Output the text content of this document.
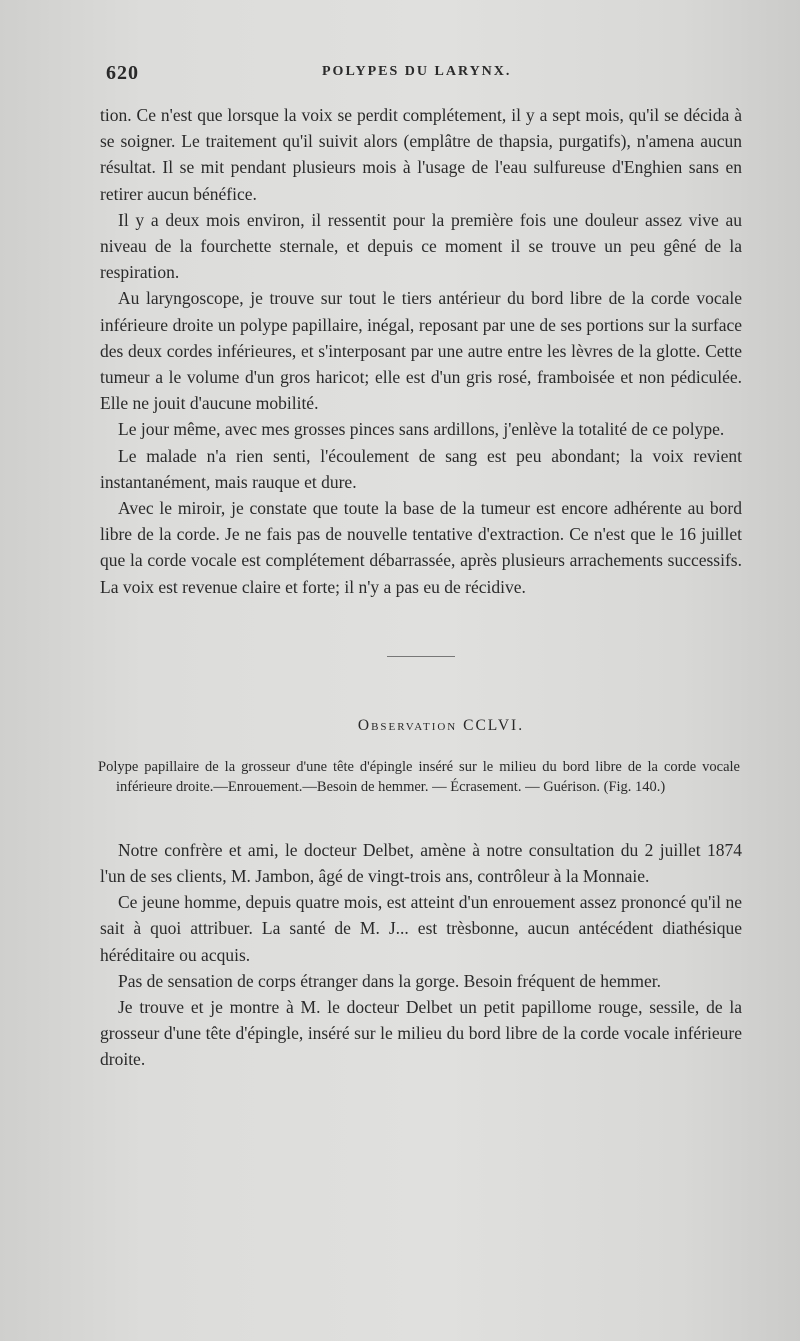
620	POLYPES DU LARYNX.

tion. Ce n'est que lorsque la voix se perdit complétement, il y a sept mois, qu'il se décida à se soigner. Le traitement qu'il suivit alors (emplâtre de thapsia, purgatifs), n'amena aucun résultat. Il se mit pendant plusieurs mois à l'usage de l'eau sulfureuse d'Enghien sans en retirer aucun bénéfice.

Il y a deux mois environ, il ressentit pour la première fois une douleur assez vive au niveau de la fourchette sternale, et depuis ce moment il se trouve un peu gêné de la respiration.

Au laryngoscope, je trouve sur tout le tiers antérieur du bord libre de la corde vocale inférieure droite un polype papillaire, inégal, reposant par une de ses portions sur la surface des deux cordes inférieures, et s'interposant par une autre entre les lèvres de la glotte. Cette tumeur a le volume d'un gros haricot; elle est d'un gris rosé, framboisée et non pédiculée. Elle ne jouit d'aucune mobilité.

Le jour même, avec mes grosses pinces sans ardillons, j'enlève la totalité de ce polype.

Le malade n'a rien senti, l'écoulement de sang est peu abondant; la voix revient instantanément, mais rauque et dure.

Avec le miroir, je constate que toute la base de la tumeur est encore adhérente au bord libre de la corde. Je ne fais pas de nouvelle tentative d'extraction. Ce n'est que le 16 juillet que la corde vocale est complétement débarrassée, après plusieurs arrachements successifs. La voix est revenue claire et forte; il n'y a pas eu de récidive.

Observation CCLVI.
Polype papillaire de la grosseur d'une tête d'épingle inséré sur le milieu du bord libre de la corde vocale inférieure droite.—Enrouement.—Besoin de hemmer. — Écrasement. — Guérison. (Fig. 140.)

Notre confrère et ami, le docteur Delbet, amène à notre consultation du 2 juillet 1874 l'un de ses clients, M. Jambon, âgé de vingt-trois ans, contrôleur à la Monnaie.

Ce jeune homme, depuis quatre mois, est atteint d'un enrouement assez prononcé qu'il ne sait à quoi attribuer. La santé de M. J... est trèsbonne, aucun antécédent diathésique héréditaire ou acquis.

Pas de sensation de corps étranger dans la gorge. Besoin fréquent de hemmer.

Je trouve et je montre à M. le docteur Delbet un petit papillome rouge, sessile, de la grosseur d'une tête d'épingle, inséré sur le milieu du bord libre de la corde vocale inférieure droite.
